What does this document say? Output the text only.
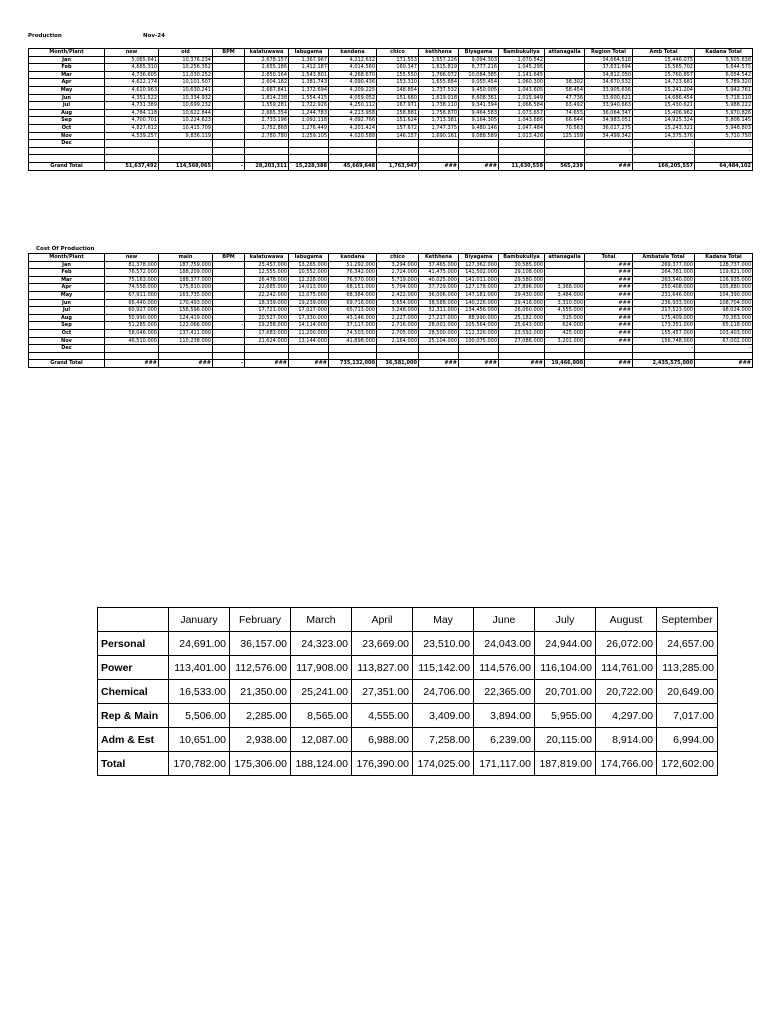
Production	Nov-24
Month/Plant	new	old	BPM	kalatuwawa	labugama	kandana	chico	kethhena	Biyagama	Bambukuliya	attanagalla	Region Total	Amb Total	Kadana Total
Jan	5,065.641	10,376.234		2,678.157	1,367.967	4,212.612	171.553	1,657.226	9,094.303	1,070.542		34,664,518	15,446.075	5,505.638
Feb	4,665.310	10,256.352		2,655.186	1,412.187	4,014.560	160.347	1,615.819	8,777.216	1,045.295		37,631,694	15,565.702	5,644.575
Mar	4,736.605	11,030.252		2,850.164	1,543.801	4,268.670	155.550	1,766.072	10,084.385	1,141.645		34,812,050	15,760.857	6,054.542
Apr	4,622.174	10,101.507		2,604.182	1,381.743	4,090.436	153.310	1,655.884	9,055.454	1,060.300	38.302	34,670,532	14,723.681	5,789.320
May	4,610.963	10,630.241		2,667.841	1,372.694	4,209.225	148.854	1,737.532	9,450.005	1,043.605	58.454	33,905,636	15,241.204	5,942.761
Jun	4,351.522	10,334.932		1,814.238	1,554.415	4,059.052	151.660	1,619.018	8,608.361	1,015.949	47.736	33,600,621	14,686.454	5,718.110
Jul	4,731.389	10,699.232		1,559.281	1,722.926	4,250.112	167.971	1,738.110	9,341.394	1,066.584	63.492	33,940,663	15,430.621	5,988.222
Aug	4,784.118	10,622.844		2,665.354	1,244.783	4,213.958	158.881	1,758.870	9,464.583	1,073.657	74.655	36,064,347	15,406.962	5,970.826
Sep	4,700.701	10,224.623		2,733.196	1,092.118	4,092.766	151.624	1,713.381	9,164.305	1,043.686	66.644	34,983,051	14,925.324	5,806.145
Oct	4,827.612	10,415.709		2,752.868	1,276.449	4,201.424	157.672	1,747.375	9,480.146	1,047.484	70.563	36,017,275	15,243.321	5,948.803
Nov	4,539.257	9,836.119		2,780.780	1,259.105	4,020.588	146.157	1,690.161	9,088.589	1,013.426	125.159	34,499,342	14,375.376	5,710.750
Dec												-	-	-
												-	-	-

Grand Total	51,637,492	114,568,065	-	28,203,311	15,228,388	45,669,648	1,763,947	###	###	11,630,559	565,239	###	166,205,557	64,484,102
Cost Of Production
Month/Plant	new	main	BPM	kalatuwawa	labugama	kandana	chico	Kethhena	Biyagama	Bambukuliya	attanagalla	Total	Ambatale Total	Kadana Total
Jan	81,378.000	187,759.000		23,457.000	13,265.000	51,292.000	3,294.000	37,465.000	127,362.000	30,585.000		###	269,377.000	128,737.000
Feb	76,572.000	188,209.000		12,555.000	10,552.000	76,342.000	2,724.000	41,475.000	141,502.000	29,108.000		###	264,781.000	119,621.000
Mar	75,163.000	188,377.000		26,478.000	12,228.000	76,570.000	5,719.000	40,025.000	141,011.000	29,580.000		###	263,540.000	116,935.000
Apr	74,558.000	175,810.000		22,685.000	14,013.000	68,151.000	5,704.000	37,729.000	127,178.000	27,896.000	3,368.000	###	250,408.000	105,880.000
May	67,911.000	163,735.000		22,242.000	12,075.000	68,384.000	2,422.000	36,006.000	147,181.000	29,430.000	3,484.000	###	231,646.000	104,390.000
Jun	66,440.000	170,493.000		18,339.000	19,239.000	69,716.000	3,654.000	38,588.000	140,226.000	29,416.000	3,310.000	###	236,933.000	108,704.000
Jul	60,927.000	156,596.000		17,721.000	17,017.000	65,713.000	3,248.000	32,311.000	134,456.000	26,060.000	4,555.000	###	217,523.000	98,024.000
Aug	50,990.000	124,419.000		20,527.000	17,330.000	43,146.000	2,227.000	27,217.000	88,990.000	25,182.000	515.000	###	175,409.000	70,363.000
Sep	51,285.000	122,066.000	-	19,258.000	14,114.000	37,117.000	2,716.000	28,001.000	105,564.000	25,643.000	624.000	###	173,351.000	65,118.000
Oct	58,046.000	137,411.000		17,683.000	11,200.000	74,503.000	2,705.000	28,500.000	112,326.000	23,592.000	425.000	###	155,457.000	103,403.000
Nov	46,510.000	110,238.000		21,624.000	13,144.000	41,898.000	2,164.000	25,104.000	100,075.000	27,086.000	3,201.000	###	156,748.000	67,002.000
Dec													-	-

Grand Total	###	###	-	###	###	735,132,000	36,581,000	###	###	###	19,466,000	###	2,435,575,000	###
	January	February	March	April	May	June	July	August	September
Personal	24,691.00	36,157.00	24,323.00	23,669.00	23,510.00	24,043.00	24,944.00	26,072.00	24,657.00
Power	113,401.00	112,576.00	117,908.00	113,827.00	115,142.00	114,576.00	116,104.00	114,761.00	113,285.00
Chemical	16,533.00	21,350.00	25,241.00	27,351.00	24,706.00	22,365.00	20,701.00	20,722.00	20,649.00
Rep & Main	5,506.00	2,285.00	8,565.00	4,555.00	3,409.00	3,894.00	5,955.00	4,297.00	7,017.00
Adm & Est	10,651.00	2,938.00	12,087.00	6,988.00	7,258.00	6,239.00	20,115.00	8,914.00	6,994.00
Total	170,782.00	175,306.00	188,124.00	176,390.00	174,025.00	171,117.00	187,819.00	174,766.00	172,602.00
